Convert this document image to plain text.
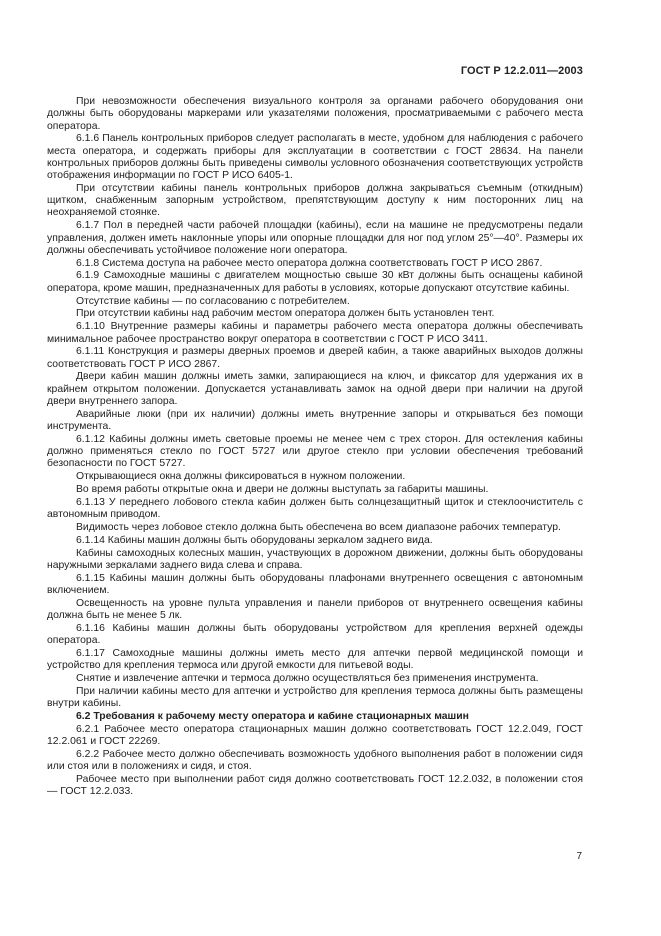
ГОСТ Р 12.2.011—2003

При невозможности обеспечения визуального контроля за органами рабочего оборудования они должны быть оборудованы маркерами или указателями положения, просматриваемыми с рабочего места оператора.

6.1.6 Панель контрольных приборов следует располагать в месте, удобном для наблюдения с рабочего места оператора, и содержать приборы для эксплуатации в соответствии с ГОСТ 28634. На панели контрольных приборов должны быть приведены символы условного обозначения соответствующих устройств отображения информации по ГОСТ Р ИСО 6405-1.

При отсутствии кабины панель контрольных приборов должна закрываться съемным (откидным) щитком, снабженным запорным устройством, препятствующим доступу к ним посторонних лиц на неохраняемой стоянке.

6.1.7 Пол в передней части рабочей площадки (кабины), если на машине не предусмотрены педали управления, должен иметь наклонные упоры или опорные площадки для ног под углом 25°—40°. Размеры их должны обеспечивать устойчивое положение ноги оператора.

6.1.8 Система доступа на рабочее место оператора должна соответствовать ГОСТ Р ИСО 2867.

6.1.9 Самоходные машины с двигателем мощностью свыше 30 кВт должны быть оснащены кабиной оператора, кроме машин, предназначенных для работы в условиях, которые допускают отсутствие кабины.

Отсутствие кабины — по согласованию с потребителем.

При отсутствии кабины над рабочим местом оператора должен быть установлен тент.

6.1.10 Внутренние размеры кабины и параметры рабочего места оператора должны обеспечивать минимальное рабочее пространство вокруг оператора в соответствии с ГОСТ Р ИСО 3411.

6.1.11 Конструкция и размеры дверных проемов и дверей кабин, а также аварийных выходов должны соответствовать ГОСТ Р ИСО 2867.

Двери кабин машин должны иметь замки, запирающиеся на ключ, и фиксатор для удержания их в крайнем открытом положении. Допускается устанавливать замок на одной двери при наличии на другой двери внутреннего запора.

Аварийные люки (при их наличии) должны иметь внутренние запоры и открываться без помощи инструмента.

6.1.12 Кабины должны иметь световые проемы не менее чем с трех сторон. Для остекления кабины должно применяться стекло по ГОСТ 5727 или другое стекло при условии обеспечения требований безопасности по ГОСТ 5727.

Открывающиеся окна должны фиксироваться в нужном положении.

Во время работы открытые окна и двери не должны выступать за габариты машины.

6.1.13 У переднего лобового стекла кабин должен быть солнцезащитный щиток и стеклоочиститель с автономным приводом.

Видимость через лобовое стекло должна быть обеспечена во всем диапазоне рабочих температур.

6.1.14 Кабины машин должны быть оборудованы зеркалом заднего вида.

Кабины самоходных колесных машин, участвующих в дорожном движении, должны быть оборудованы наружными зеркалами заднего вида слева и справа.

6.1.15 Кабины машин должны быть оборудованы плафонами внутреннего освещения с автономным включением.

Освещенность на уровне пульта управления и панели приборов от внутреннего освещения кабины должна быть не менее 5 лк.

6.1.16 Кабины машин должны быть оборудованы устройством для крепления верхней одежды оператора.

6.1.17 Самоходные машины должны иметь место для аптечки первой медицинской помощи и устройство для крепления термоса или другой емкости для питьевой воды.

Снятие и извлечение аптечки и термоса должно осуществляться без применения инструмента.

При наличии кабины место для аптечки и устройство для крепления термоса должны быть размещены внутри кабины.

6.2 Требования к рабочему месту оператора и кабине стационарных машин

6.2.1 Рабочее место оператора стационарных машин должно соответствовать ГОСТ 12.2.049, ГОСТ 12.2.061 и ГОСТ 22269.

6.2.2 Рабочее место должно обеспечивать возможность удобного выполнения работ в положении сидя или стоя или в положениях и сидя, и стоя.

Рабочее место при выполнении работ сидя должно соответствовать ГОСТ 12.2.032, в положении стоя — ГОСТ 12.2.033.

7
